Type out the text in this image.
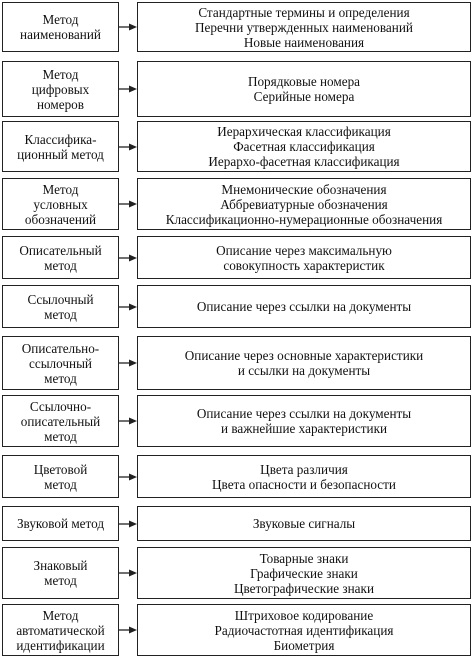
Метод
наименований
Стандартные термины и определения
Перечни утвержденных наименований
Новые наименования
Метод
цифровых
номеров
Порядковые номера
Серийные номера
Классифика-
ционный метод
Иерархическая классификация
Фасетная классификация
Иерархо-фасетная классификация
Метод
условных
обозначений
Мнемонические обозначения
Аббревиатурные обозначения
Классификационно-нумерационные обозначения
Описательный
метод
Описание через максимальную
совокупность характеристик
Ссылочный
метод	Описание через ссылки на документы
Описательно-
ссылочный
метод
Описание через основные характеристики
и ссылки на документы
Ссылочно-
описательный
метод
Описание через ссылки на документы
и важнейшие характеристики
Цветовой
метод
Цвета различия
Цвета опасности и безопасности
Звуковой метод	Звуковые сигналы
Знаковый
метод
Товарные знаки
Графические знаки
Цветографические знаки
Метод
автоматической
идентификации
Штриховое кодирование
Радиочастотная идентификация
Биометрия
